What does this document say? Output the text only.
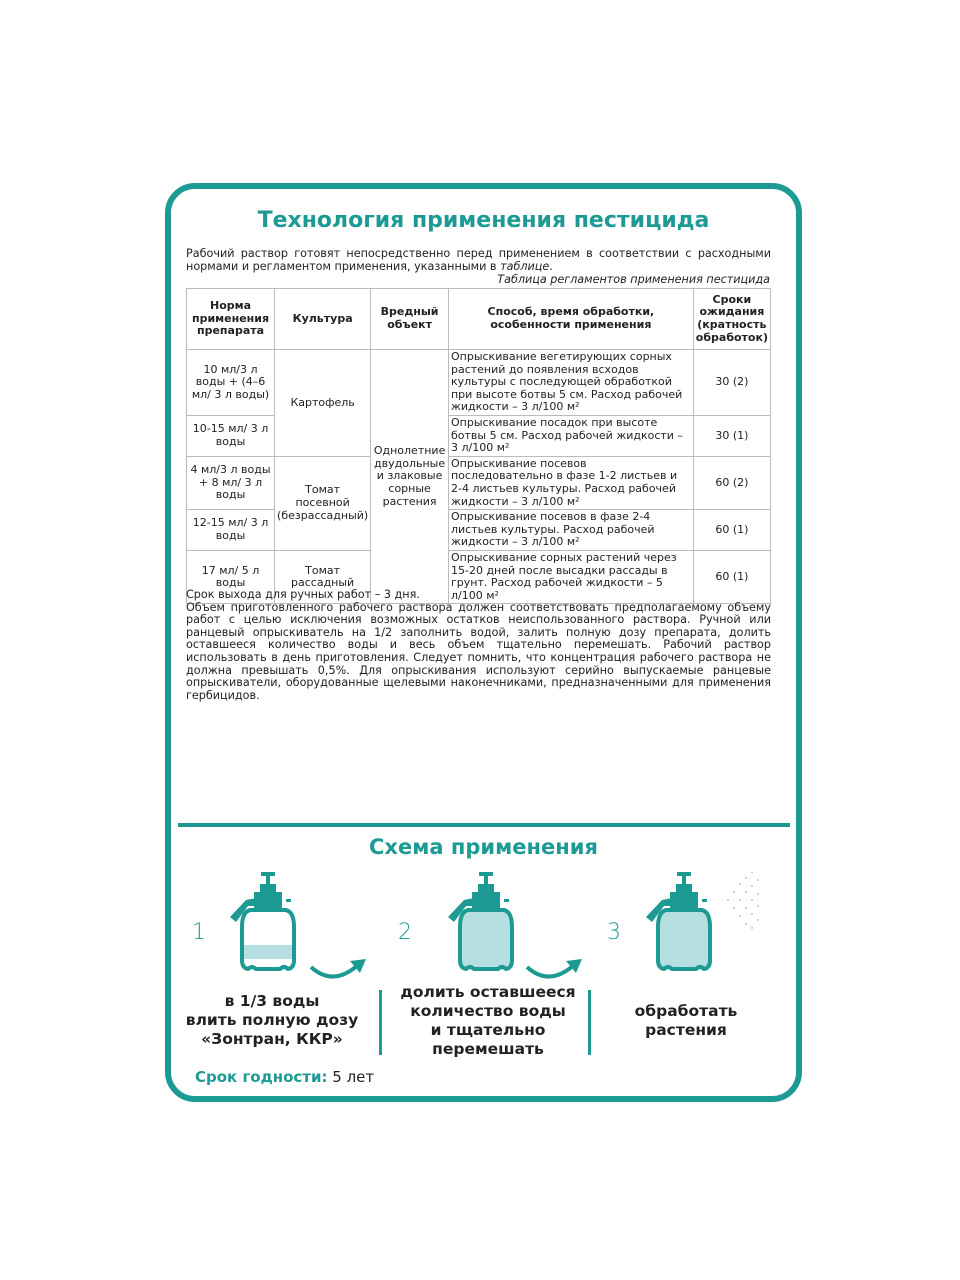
Технология применения пестицида
Рабочий раствор готовят непосредственно перед применением в соответствии с расходными нормами и регламентом применения, указанными в таблице.
Таблица регламентов применения пестицида
Норма применения препарата	Культура	Вредный объект	Способ, время обработки, особенности применения	Сроки ожидания (кратность обработок)
10 мл/3 л воды + (4–6 мл/ 3 л воды)	Картофель	Однолетние двудольные и злаковые сорные растения	Опрыскивание вегетирующих сорных растений до появления всходов культуры с последующей обработкой при высоте ботвы 5 см. Расход рабочей жидкости – 3 л/100 м²	30 (2)
10-15 мл/ 3 л воды			Опрыскивание посадок при высоте ботвы 5 см. Расход рабочей жидкости – 3 л/100 м²	30 (1)
4 мл/3 л воды + 8 мл/ 3 л воды	Томат посевной (безрассадный)		Опрыскивание посевов последовательно в фазе 1-2 листьев и 2-4 листьев культуры. Расход рабочей жидкости – 3 л/100 м²	60 (2)
12-15 мл/ 3 л воды			Опрыскивание посевов в фазе 2-4 листьев культуры. Расход рабочей жидкости – 3 л/100 м²	60 (1)
17 мл/ 5 л воды	Томат рассадный		Опрыскивание сорных растений через 15-20 дней после высадки рассады в грунт. Расход рабочей жидкости – 5 л/100 м²	60 (1)

Срок выхода для ручных работ – 3 дня.

Объем приготовленного рабочего раствора должен соответствовать предполагаемому объему работ с целью исключения возможных остатков неиспользованного раствора. Ручной или ранцевый опрыскиватель на 1/2 заполнить водой, залить полную дозу препарата, долить оставшееся количество воды и весь объем тщательно перемешать. Рабочий раствор использовать в день приготовления. Следует помнить, что концентрация рабочего раствора не должна превышать 0,5%. Для опрыскивания используют серийно выпускаемые ранцевые опрыскиватели, оборудованные щелевыми наконечниками, предназначенными для применения гербицидов.

Схема применения
1	2	3
в 1/3 воды
влить полную дозу
«Зонтран, ККР»
долить оставшееся
количество воды
и тщательно
перемешать
обработать
растения
Срок годности: 5 лет
